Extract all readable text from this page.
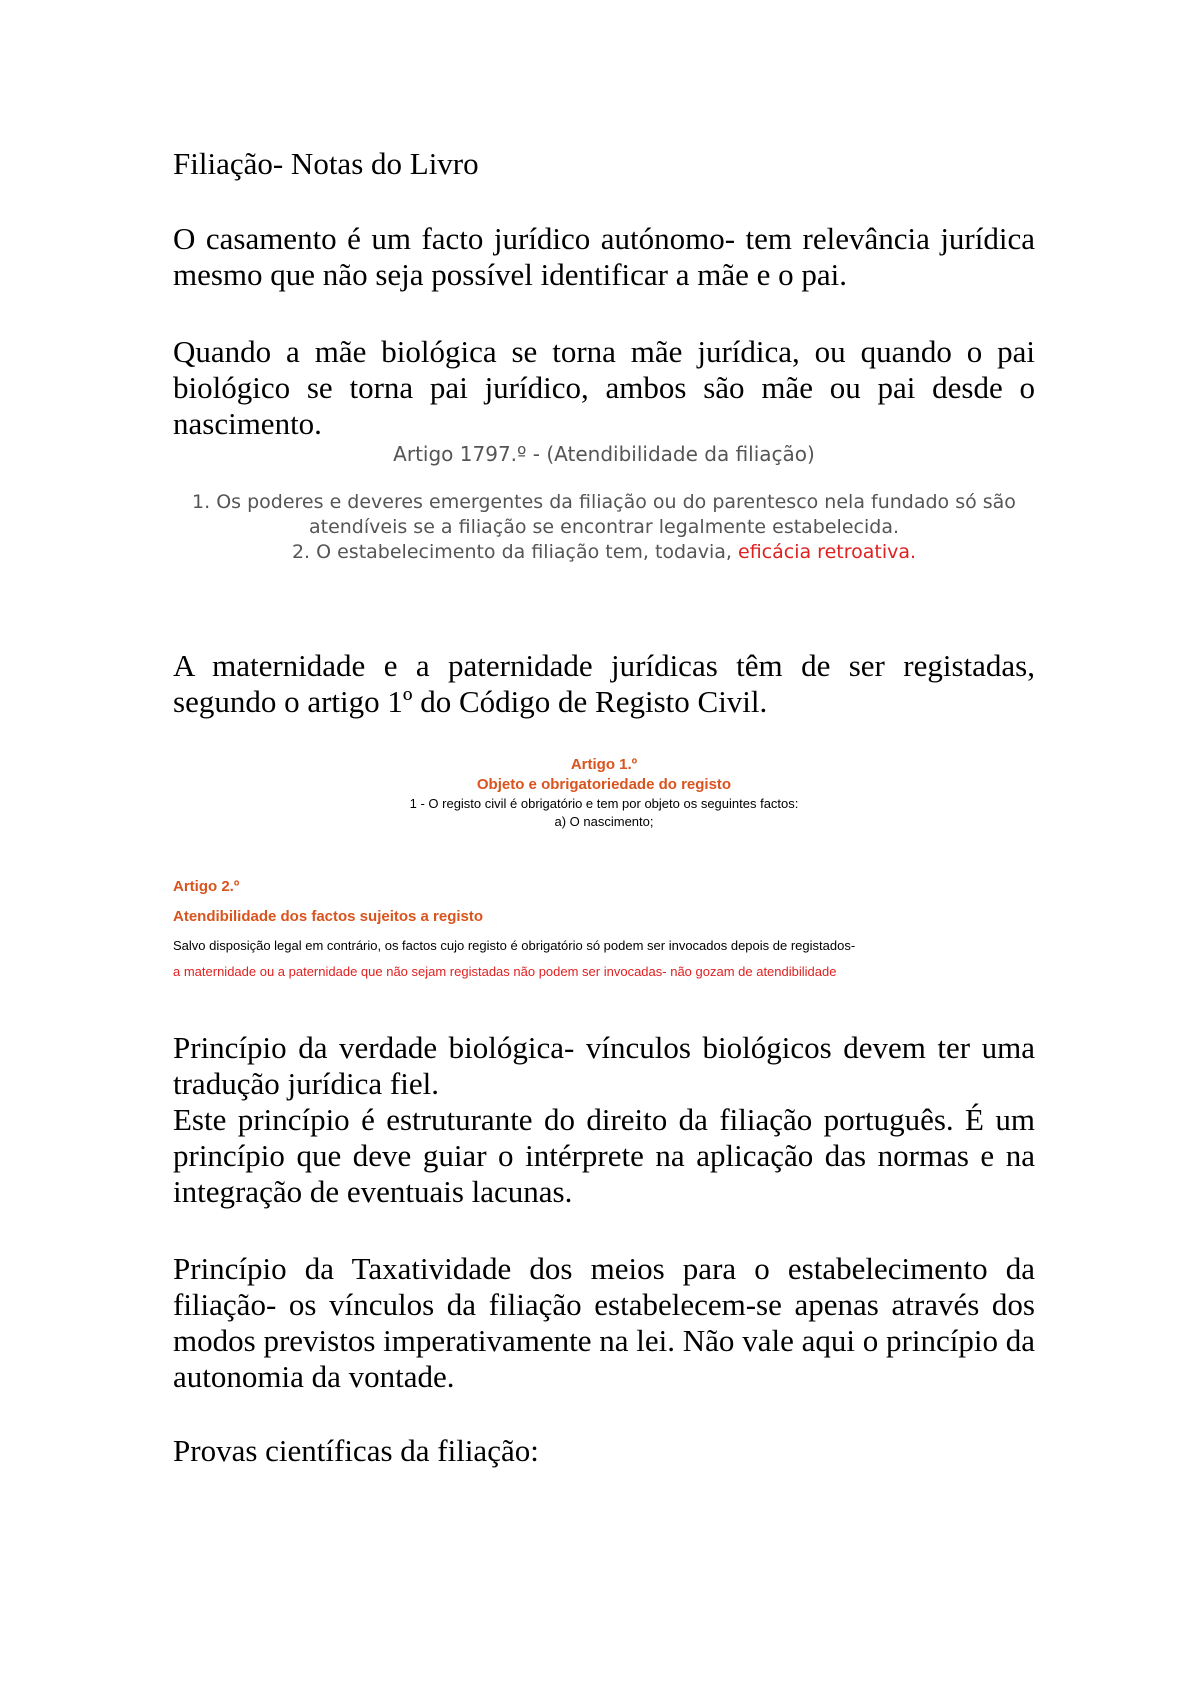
Filiação- Notas do Livro

O casamento é um facto jurídico autónomo- tem relevância jurídica mesmo que não seja possível identificar a mãe e o pai.

Quando a mãe biológica se torna mãe jurídica, ou quando o pai biológico se torna pai jurídico, ambos são mãe ou pai desde o nascimento.

Artigo 1797.º - (Atendibilidade da filiação)
1. Os poderes e deveres emergentes da filiação ou do parentesco nela fundado só são atendíveis se a filiação se encontrar legalmente estabelecida.
2. O estabelecimento da filiação tem, todavia, eficácia retroativa.

A maternidade e a paternidade jurídicas têm de ser registadas, segundo o artigo 1º do Código de Registo Civil.

Artigo 1.º
Objeto e obrigatoriedade do registo
1 - O registo civil é obrigatório e tem por objeto os seguintes factos:
a) O nascimento;
Artigo 2.º
Atendibilidade dos factos sujeitos a registo
Salvo disposição legal em contrário, os factos cujo registo é obrigatório só podem ser invocados depois de registados-
a maternidade ou a paternidade que não sejam registadas não podem ser invocadas- não gozam de atendibilidade

Princípio da verdade biológica- vínculos biológicos devem ter uma tradução jurídica fiel.

Este princípio é estruturante do direito da filiação português. É um princípio que deve guiar o intérprete na aplicação das normas e na integração de eventuais lacunas.

Princípio da Taxatividade dos meios para o estabelecimento da filiação- os vínculos da filiação estabelecem-se apenas através dos modos previstos imperativamente na lei. Não vale aqui o princípio da autonomia da vontade.

Provas científicas da filiação:
